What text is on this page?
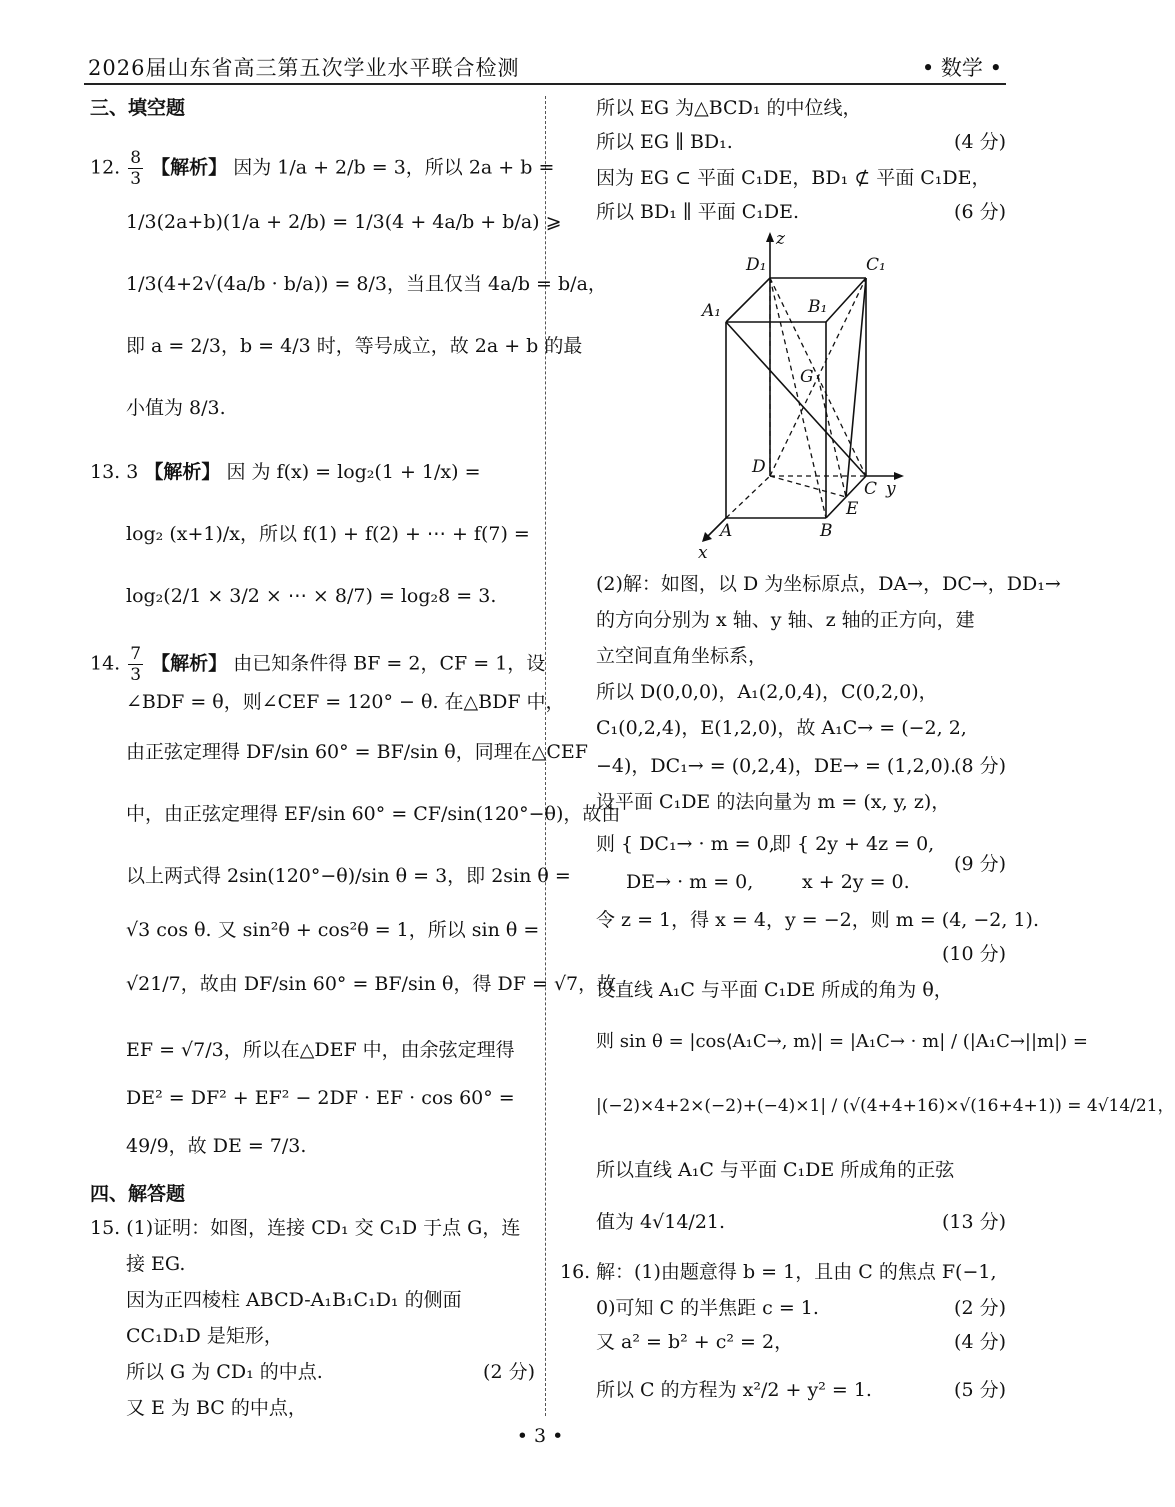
2026届山东省高三第五次学业水平联合检测	• 数学 •
三、填空题
12. $\frac{8}{3}$ 【解析】 因为 1/a + 2/b = 3，所以 2a + b =
1/3(2a+b)(1/a + 2/b) = 1/3(4 + 4a/b + b/a) ⩾
1/3(4+2√(4a/b · b/a)) = 8/3，当且仅当 4a/b = b/a，
即 a = 2/3，b = 4/3 时，等号成立，故 2a + b 的最
小值为 8/3.
13. 3 【解析】 因 为 f(x) = log₂(1 + 1/x) =
log₂ (x+1)/x，所以 f(1) + f(2) + ⋯ + f(7) =
log₂(2/1 × 3/2 × ⋯ × 8/7) = log₂8 = 3.
14. $\frac{7}{3}$ 【解析】 由已知条件得 BF = 2，CF = 1，设
∠BDF = θ，则∠CEF = 120° − θ. 在△BDF 中，
由正弦定理得 DF/sin 60° = BF/sin θ，同理在△CEF
中，由正弦定理得 EF/sin 60° = CF/sin(120°−θ)，故由
以上两式得 2sin(120°−θ)/sin θ = 3，即 2sin θ =
√3 cos θ. 又 sin²θ + cos²θ = 1，所以 sin θ =
√21/7，故由 DF/sin 60° = BF/sin θ，得 DF = √7，故
EF = √7/3，所以在△DEF 中，由余弦定理得
DE² = DF² + EF² − 2DF · EF · cos 60° =
49/9，故 DE = 7/3.
四、解答题
15. (1)证明：如图，连接 CD₁ 交 C₁D 于点 G，连
接 EG.
因为正四棱柱 ABCD-A₁B₁C₁D₁ 的侧面
CC₁D₁D 是矩形，
所以 G 为 CD₁ 的中点.	(2 分)
又 E 为 BC 的中点，
所以 EG 为△BCD₁ 的中位线，
所以 EG ∥ BD₁.	(4 分)
因为 EG ⊂ 平面 C₁DE，BD₁ ⊄ 平面 C₁DE，
所以 BD₁ ∥ 平面 C₁DE.	(6 分)
z
D₁	C₁
A₁	B₁
G
D
C y
E
A	B
x
(2)解：如图，以 D 为坐标原点，DA→，DC→，DD₁→
的方向分别为 x 轴、y 轴、z 轴的正方向，建
立空间直角坐标系，
所以 D(0,0,0)，A₁(2,0,4)，C(0,2,0)，
C₁(0,2,4)，E(1,2,0)，故 A₁C→ = (−2, 2,
−4)，DC₁→ = (0,2,4)，DE→ = (1,2,0).
(8 分)
设平面 C₁DE 的法向量为 m = (x, y, z)，
则 { DC₁→ · m = 0,
即 { 2y + 4z = 0,
DE→ · m = 0,	x + 2y = 0.
(9 分)
令 z = 1，得 x = 4，y = −2，则 m = (4, −2, 1).
(10 分)
设直线 A₁C 与平面 C₁DE 所成的角为 θ，
则 sin θ = |cos⟨A₁C→, m⟩| = |A₁C→ · m| / (|A₁C→||m|) =
|(−2)×4+2×(−2)+(−4)×1| / (√(4+4+16)×√(16+4+1)) = 4√14/21，
所以直线 A₁C 与平面 C₁DE 所成角的正弦
值为 4√14/21.	(13 分)
16. 解：(1)由题意得 b = 1，且由 C 的焦点 F(−1,
0)可知 C 的半焦距 c = 1.	(2 分)
又 a² = b² + c² = 2，	(4 分)
所以 C 的方程为 x²/2 + y² = 1.	(5 分)
• 3 •
